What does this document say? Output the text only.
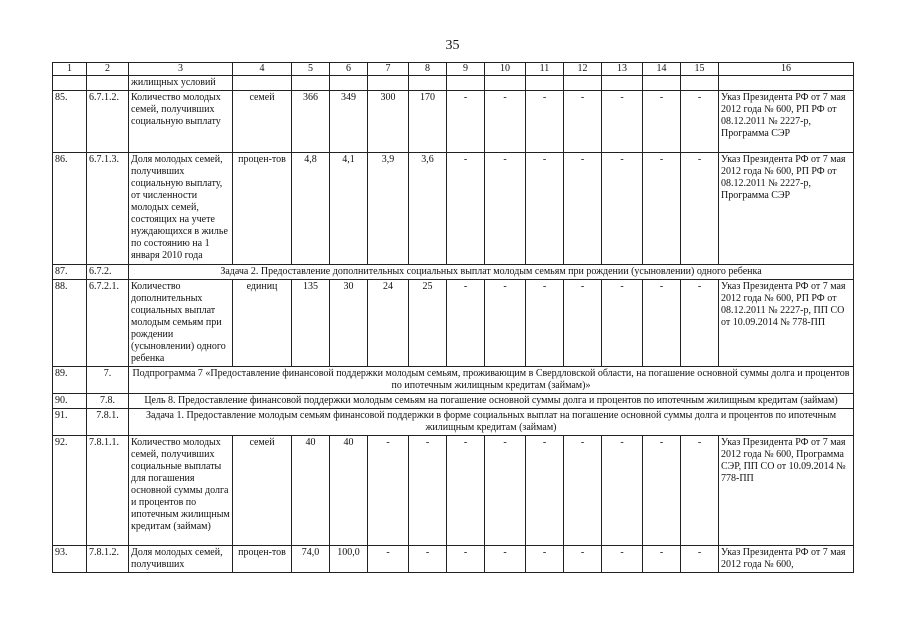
35
1	2	3	4	5	6	7	8	9	10	11	12	13	14	15	16
		жилищных условий													
85.	6.7.1.2.	Количество молодых семей, получивших социальную выплату	семей	366	349	300	170	-	-	-	-	-	-	-	Указ Президента РФ от 7 мая 2012 года № 600, РП РФ от 08.12.2011 № 2227-р, Программа СЭР
86.	6.7.1.3.	Доля молодых семей, получивших социальную выплату, от численности молодых семей, состоящих на учете нуждающихся в жилье по состоянию на 1 января 2010 года	процен-тов	4,8	4,1	3,9	3,6	-	-	-	-	-	-	-	Указ Президента РФ от 7 мая 2012 года № 600, РП РФ от 08.12.2011 № 2227-р, Программа СЭР
87.	6.7.2.	Задача 2. Предоставление дополнительных социальных выплат молодым семьям при рождении (усыновлении) одного ребенка													
88.	6.7.2.1.	Количество дополнительных социальных выплат молодым семьям при рождении (усыновлении) одного ребенка	единиц	135	30	24	25	-	-	-	-	-	-	-	Указ Президента РФ от 7 мая 2012 года № 600, РП РФ от 08.12.2011 № 2227-р, ПП СО от 10.09.2014 № 778-ПП
89.	7.	Подпрограмма 7 «Предоставление финансовой поддержки молодым семьям, проживающим в Свердловской области, на погашение основной суммы долга и процентов по ипотечным жилищным кредитам (займам)»													
90.	7.8.	Цель 8. Предоставление финансовой поддержки молодым семьям на погашение основной суммы долга и процентов по ипотечным жилищным кредитам (займам)													
91.	7.8.1.	Задача 1. Предоставление молодым семьям финансовой поддержки в форме социальных выплат на погашение основной суммы долга и процентов по ипотечным жилищным кредитам (займам)													
92.	7.8.1.1.	Количество молодых семей, получивших социальные выплаты для погашения основной суммы долга и процентов по ипотечным жилищным кредитам (займам)	семей	40	40	-	-	-	-	-	-	-	-	-	Указ Президента РФ от 7 мая 2012 года № 600, Программа СЭР, ПП СО от 10.09.2014 № 778-ПП
93.	7.8.1.2.	Доля молодых семей, получивших	процен-тов	74,0	100,0	-	-	-	-	-	-	-	-	-	Указ Президента РФ от 7 мая 2012 года № 600,
